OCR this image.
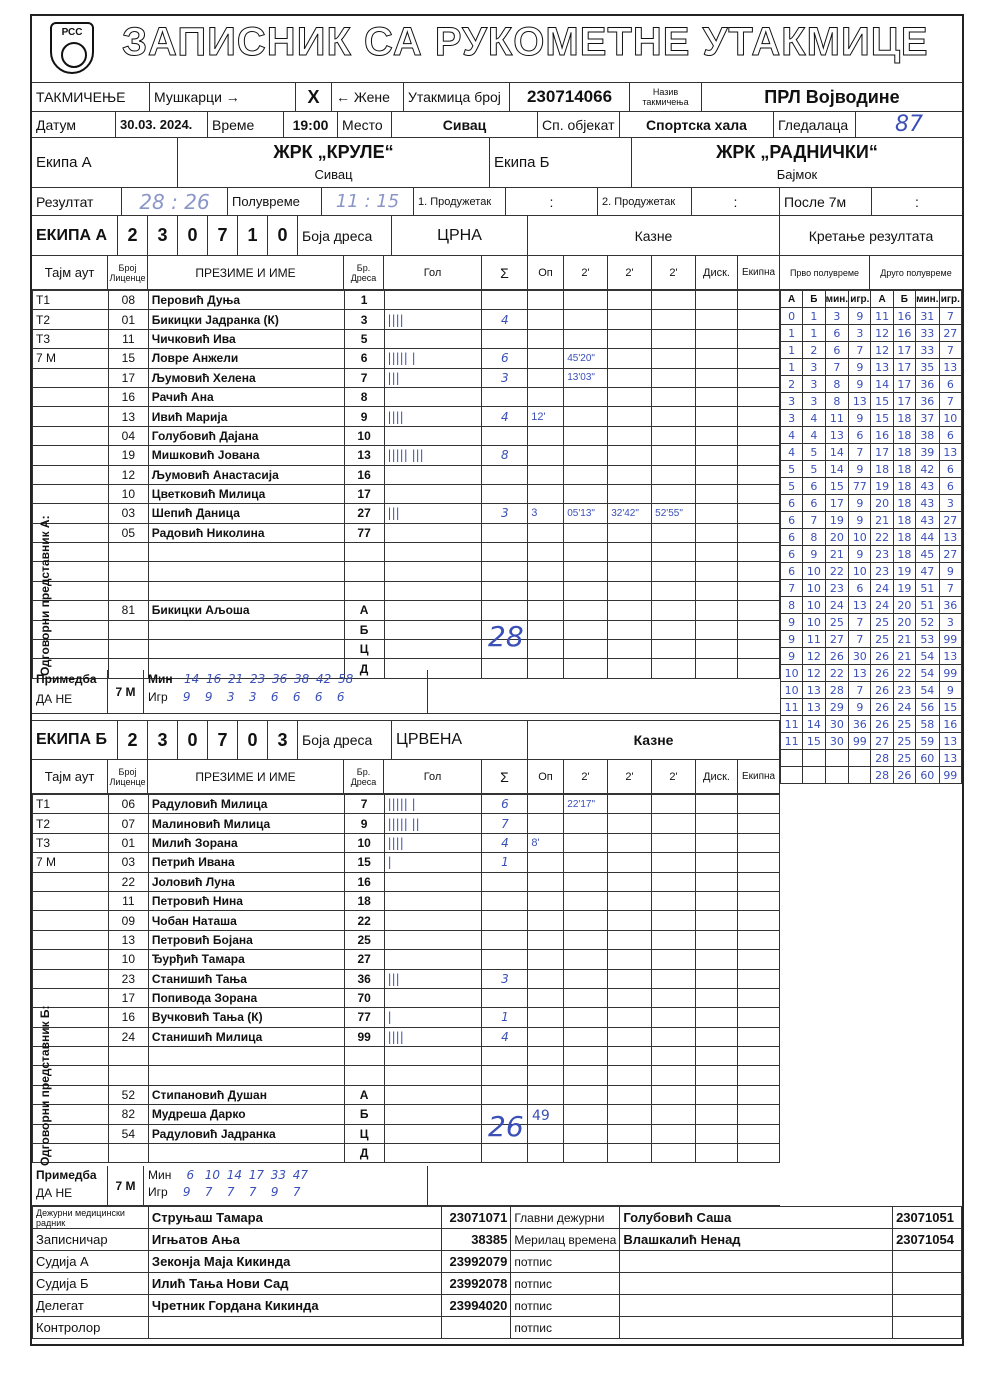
РСС ЗАПИСНИК СА РУКОМЕТНЕ УТАКМИЦЕ
ТАКМИЧЕЊЕ	Мушкарци →	X	← Жене Утакмица број	230714066	Назив такмичења	ПРЛ Војводине
Датум	30.03. 2024.	Време	19:00 Место	Сивац	Сп. објекат	Спортска хала	Гледалаца	87
Екипа А
ЖРК „КРУЛЕ“
Сивац
Екипа Б
ЖРК „РАДНИЧКИ“
Бајмок
Резултат	28
:
26	Полувреме	11
:
15	1. Продужетак	:	2. Продужетак	:	После 7м	:
ЕКИПА А	2	3	0	7	1	0	Боја дреса	ЦРНА	Казне	Кретање резултата
Тајм аут	Број Лиценце	ПРЕЗИМЕ И ИМЕ	Бр. Дреса	Гол	Σ	Оп	2'	2'	2'	Диск.	Екипна	Прво полувреме	Друго полувреме
T1	08	Перовић Дуња	1								
T2	01	Бикицки Јадранка (К)	3	||||	4						
T3	11	Чичковић Ива	5								
7 М	15	Ловре Анжели	6	||||| |	6		45'20"				
	17	Љумовић Хелена	7	|||	3		13'03"				
	16	Рачић Ана	8								
	13	Ивић Марија	9	||||	4	12'					
	04	Голубовић Дајана	10								
	19	Мишковић Јована	13	||||| |||	8						
	12	Љумовић Анастасија	16								
	10	Цветковић Милица	17								
	03	Шепић Даница	27	|||	3	3	05'13"	32'42"	52'55"		
	05	Радовић Николина	77								

	81	Бикицки Аљоша	А								
			Б								
			Ц								
			Д								
Примедба
ДА НЕ
7 М
Мин 14 16 21 23 36 38 42 58
Игр	9 9 3 3 6 6 6 6
ЕКИПА Б	2	3	0	7	0	3	Боја дреса	ЦРВЕНА	Казне
Тајм аут	Број Лиценце	ПРЕЗИМЕ И ИМЕ	Бр. Дреса	Гол	Σ	Оп	2'	2'	2'	Диск.	Екипна
T1	06	Радуловић Милица	7	||||| |	6		22'17"				
T2	07	Малиновић Милица	9	||||| ||	7						
T3	01	Милић Зорана	10	||||	4	8'					
7 М	03	Петрић Ивана	15	|	1						
	22	Јоловић Луна	16								
	11	Петровић Нина	18								
	09	Чобан Наташа	22								
	13	Петровић Бојана	25								
	10	Ђурђић Тамара	27								
	23	Станишић Тања	36	|||	3						
	17	Попивода Зорана	70								
	16	Вучковић Тања (К)	77	|	1						
	24	Станишић Милица	99	||||	4						

	52	Стипановић Душан	А								
	82	Мудреша Дарко	Б								
	54	Радуловић Јадранка	Ц								
			Д								
Примедба
ДА НЕ
7 М
Мин	6 10 14 17 33 47
Игр	9 7 7 7 9 7
А	Б	мин.	игр.	А	Б	мин.	игр.
0	1	3	9	11	16	31	7
1	1	6	3	12	16	33	27
1	2	6	7	12	17	33	7
1	3	7	9	13	17	35	13
2	3	8	9	14	17	36	6
3	3	8	13	15	17	36	7
3	4	11	9	15	18	37	10
4	4	13	6	16	18	38	6
4	5	14	7	17	18	39	13
5	5	14	9	18	18	42	6
5	6	15	77	19	18	43	6
6	6	17	9	20	18	43	3
6	7	19	9	21	18	43	27
6	8	20	10	22	18	44	13
6	9	21	9	23	18	45	27
6	10	22	10	23	19	47	9
7	10	23	6	24	19	51	7
8	10	24	13	24	20	51	36
9	10	25	7	25	20	52	3
9	11	27	7	25	21	53	99
9	12	26	30	26	21	54	13
10	12	22	13	26	22	54	99
10	13	28	7	26	23	54	9
11	13	29	9	26	24	56	15
11	14	30	36	26	25	58	16
11	15	30	99	27	25	59	13
				28	25	60	13
				28	26	60	99
Дежурни медицински радник	Струњаш Тамара	23071071	Главни дежурни	Голубовић Саша	23071051
Записничар	Игњатов Ања	38385	Мерилац времена	Влашкалић Ненад	23071054
Судија А	Зеконја Маја Кикинда	23992079	потпис		
Судија Б	Илић Тања Нови Сад	23992078	потпис		
Делегат	Чретник Гордана Кикинда	23994020	потпис		
Контролор			потпис		
Одговорни представник А:
Одговорни представник Б:
28
26 49
